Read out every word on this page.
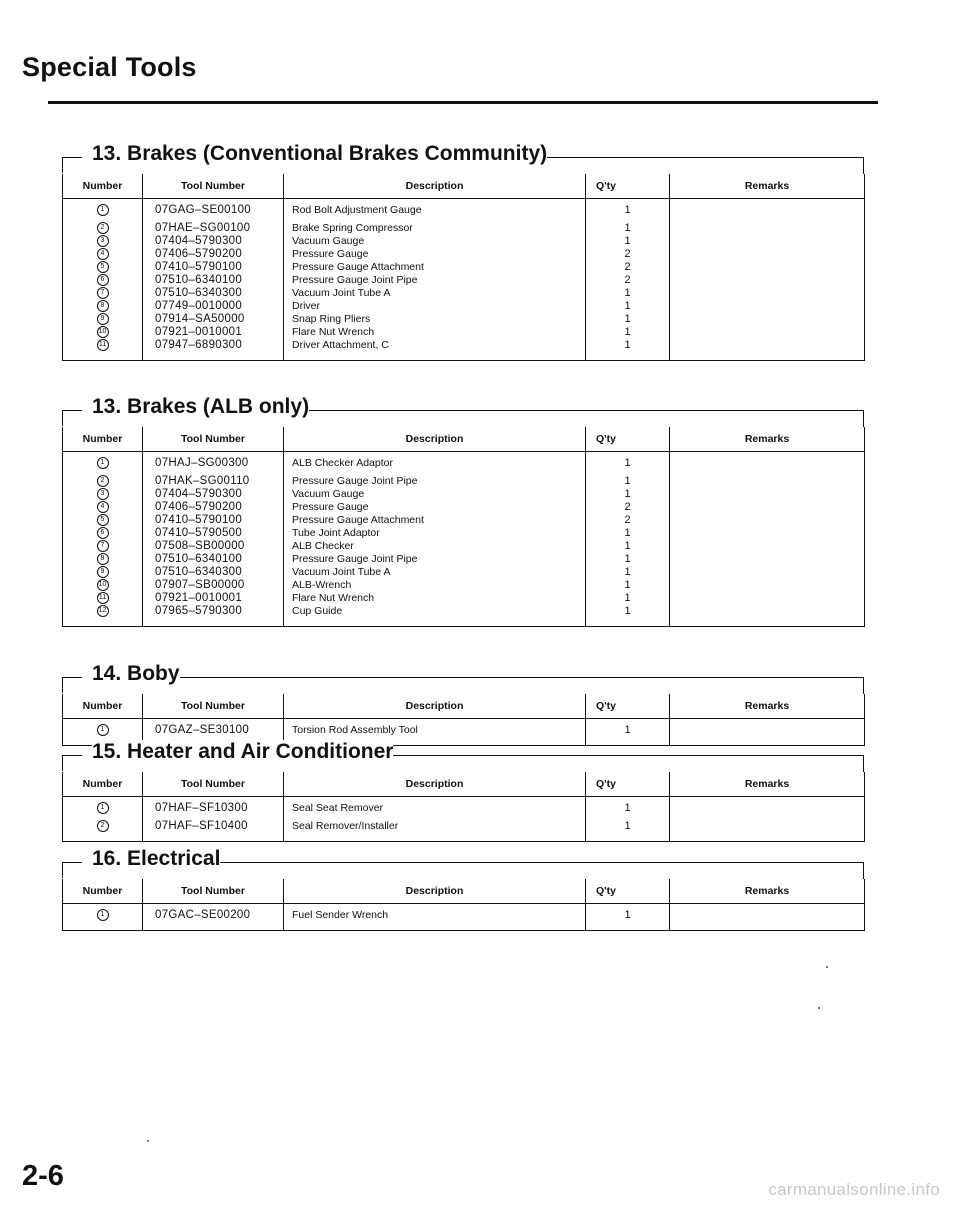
Special Tools
13. Brakes (Conventional Brakes Community)
Number	Tool Number	Description	Q'ty	Remarks
1	07GAG–SE00100	Rod Bolt Adjustment Gauge	1	
2	07HAE–SG00100	Brake Spring Compressor	1	
3	07404–5790300	Vacuum Gauge	1	
4	07406–5790200	Pressure Gauge	2	
5	07410–5790100	Pressure Gauge Attachment	2	
6	07510–6340100	Pressure Gauge Joint Pipe	2	
7	07510–6340300	Vacuum Joint Tube A	1	
8	07749–0010000	Driver	1	
9	07914–SA50000	Snap Ring Pliers	1	
10	07921–0010001	Flare Nut Wrench	1	
11	07947–6890300	Driver Attachment, C	1	
13. Brakes (ALB only)
Number	Tool Number	Description	Q'ty	Remarks
1	07HAJ–SG00300	ALB Checker Adaptor	1	
2	07HAK–SG00110	Pressure Gauge Joint Pipe	1	
3	07404–5790300	Vacuum Gauge	1	
4	07406–5790200	Pressure Gauge	2	
5	07410–5790100	Pressure Gauge Attachment	2	
6	07410–5790500	Tube Joint Adaptor	1	
7	07508–SB00000	ALB Checker	1	
8	07510–6340100	Pressure Gauge Joint Pipe	1	
9	07510–6340300	Vacuum Joint Tube A	1	
10	07907–SB00000	ALB-Wrench	1	
11	07921–0010001	Flare Nut Wrench	1	
12	07965–5790300	Cup Guide	1	
14. Boby
Number	Tool Number	Description	Q'ty	Remarks
1	07GAZ–SE30100	Torsion Rod Assembly Tool	1	
15. Heater and Air Conditioner
Number	Tool Number	Description	Q'ty	Remarks
1	07HAF–SF10300	Seal Seat Remover	1	
2	07HAF–SF10400	Seal Remover/Installer	1	
16. Electrical
Number	Tool Number	Description	Q'ty	Remarks
1	07GAC–SE00200	Fuel Sender Wrench	1	
2-6	carmanualsonline.info
